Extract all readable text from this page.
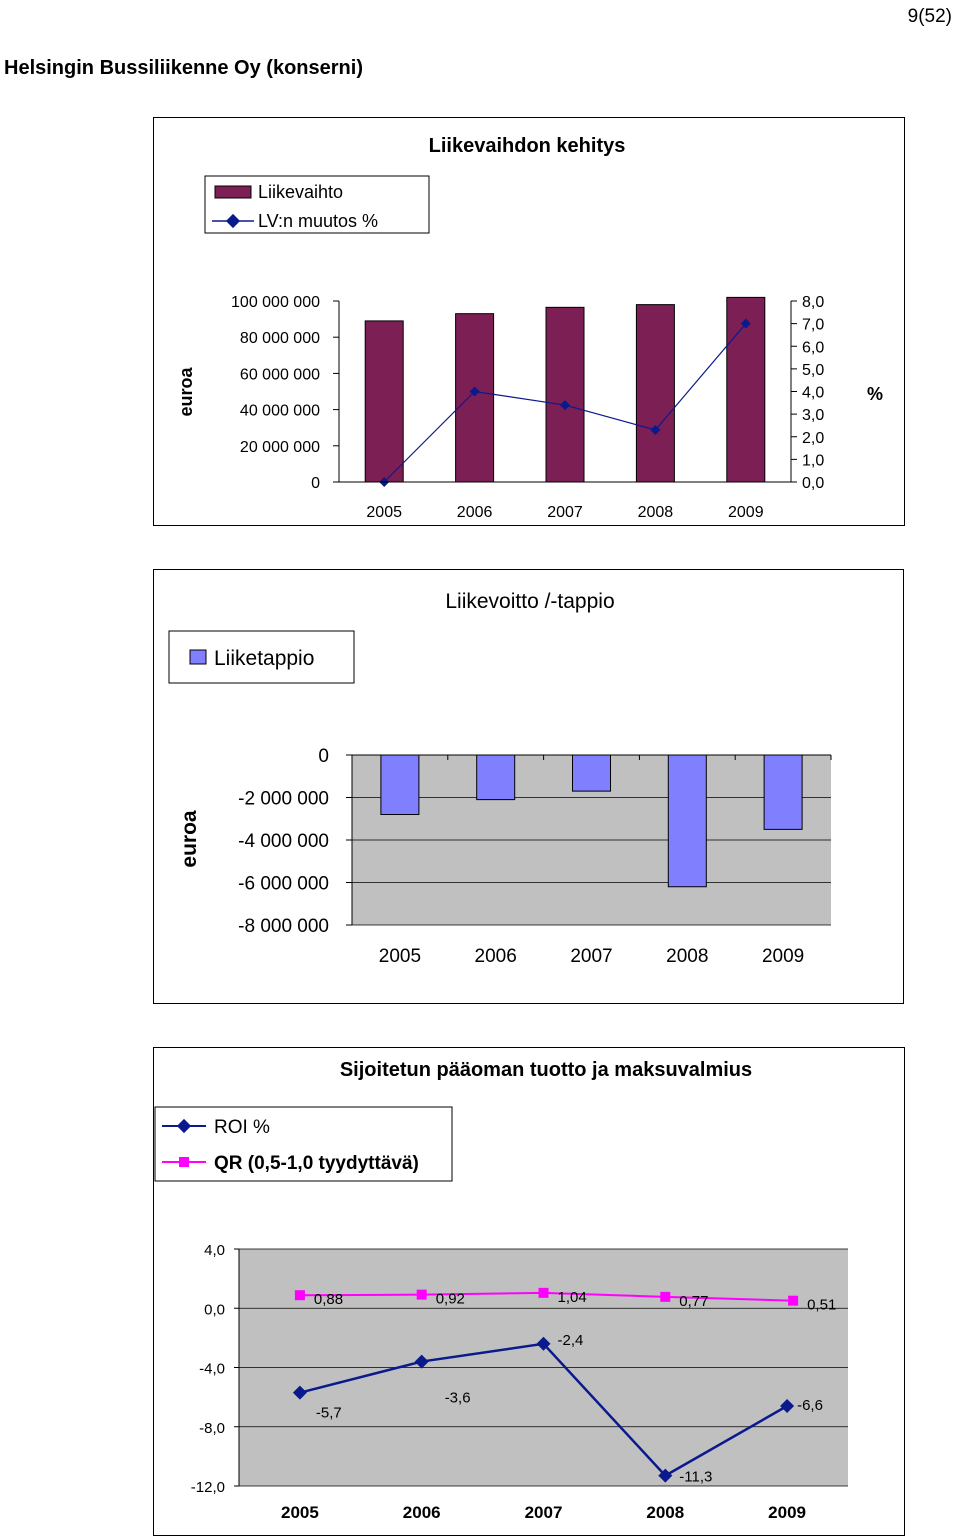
9(52)
Helsingin Bussiliikenne Oy (konserni)
Liikevaihdon kehitys
Liikevaihto
LV:n muutos %
euroa	%
100 000 000
80 000 000
60 000 000
40 000 000
20 000 000
0
8,0
7,0
6,0
5,0
4,0
3,0
2,0
1,0
0,0
2005	2006	2007	2008	2009
Liikevoitto /-tappio
Liiketappio
euroa
0
-2 000 000
-4 000 000
-6 000 000
-8 000 000
2005	2006	2007	2008	2009
Sijoitetun pääoman tuotto ja maksuvalmius
ROI %
QR (0,5-1,0 tyydyttävä)
4,0
0,0
-4,0
-8,0
-12,0
0,88	0,92	1,04	0,77	0,51
-5,7
-3,6
-2,4
-11,3
-6,6
2005	2006	2007	2008	2009
